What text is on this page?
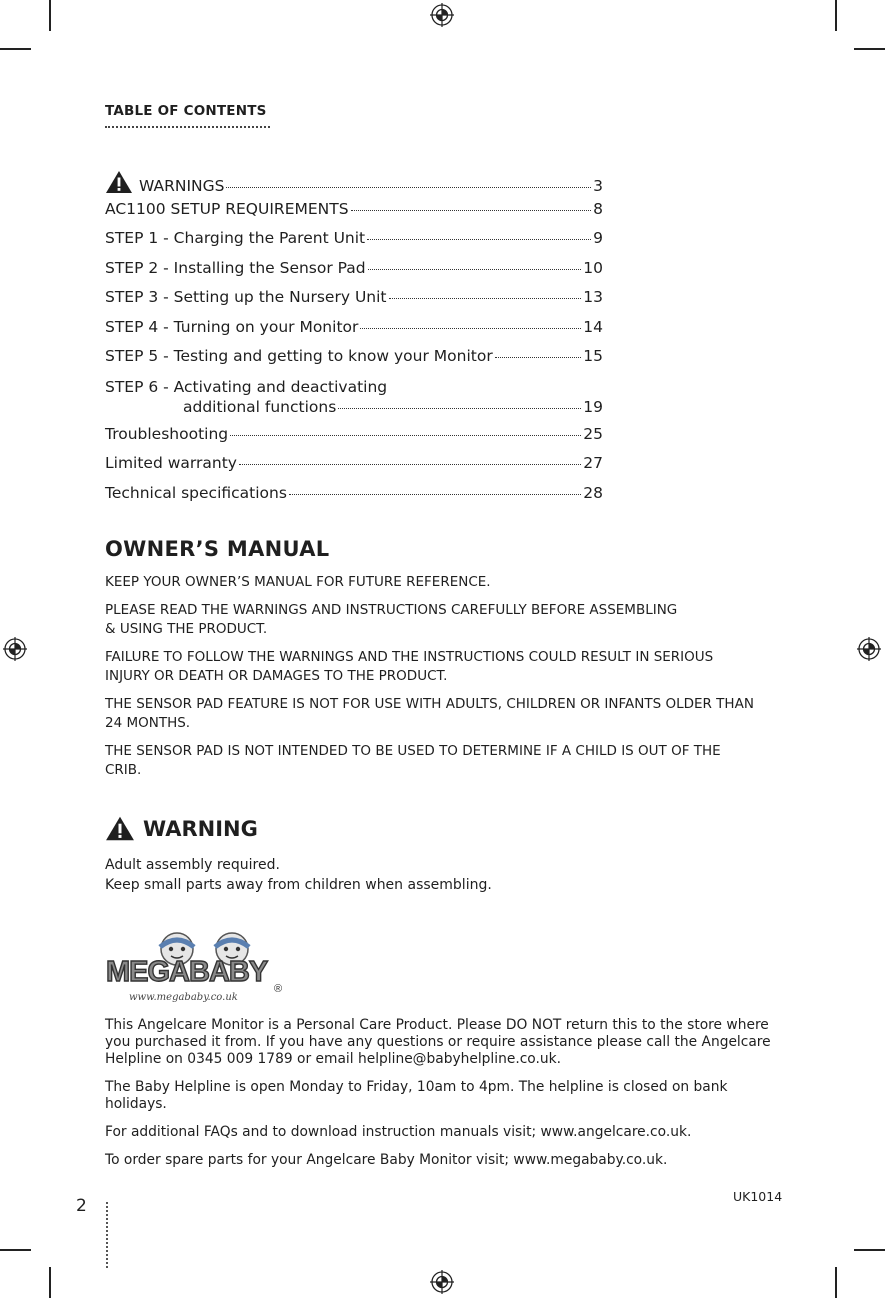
TABLE OF CONTENTS
WARNINGS	3
AC1100 SETUP REQUIREMENTS	8
STEP 1 - Charging the Parent Unit	9
STEP 2 - Installing the Sensor Pad	10
STEP 3 - Setting up the Nursery Unit	13
STEP 4 - Turning on your Monitor	14
STEP 5 - Testing and getting to know your Monitor	15
STEP 6 - Activating and deactivating
additional functions	19
Troubleshooting	25
Limited warranty	27
Technical specifications	28
OWNER’S MANUAL

KEEP YOUR OWNER’S MANUAL FOR FUTURE REFERENCE.

PLEASE READ THE WARNINGS AND INSTRUCTIONS CAREFULLY BEFORE ASSEMBLING & USING THE PRODUCT.

FAILURE TO FOLLOW THE WARNINGS AND THE INSTRUCTIONS COULD RESULT IN SERIOUS INJURY OR DEATH OR DAMAGES TO THE PRODUCT.

THE SENSOR PAD FEATURE IS NOT FOR USE WITH ADULTS, CHILDREN OR INFANTS OLDER THAN 24 MONTHS.

THE SENSOR PAD IS NOT INTENDED TO BE USED TO DETERMINE IF A CHILD IS OUT OF THE CRIB.

WARNING
Adult assembly required.
Keep small parts away from children when assembling.
MEGABABY
®
www.megababy.co.uk

This Angelcare Monitor is a Personal Care Product. Please DO NOT return this to the store where you purchased it from. If you have any questions or require assistance please call the Angelcare Helpline on 0345 009 1789 or email helpline@babyhelpline.co.uk.

The Baby Helpline is open Monday to Friday, 10am to 4pm. The helpline is closed on bank holidays.

For additional FAQs and to download instruction manuals visit; www.angelcare.co.uk.

To order spare parts for your Angelcare Baby Monitor visit; www.megababy.co.uk.

2	UK1014
